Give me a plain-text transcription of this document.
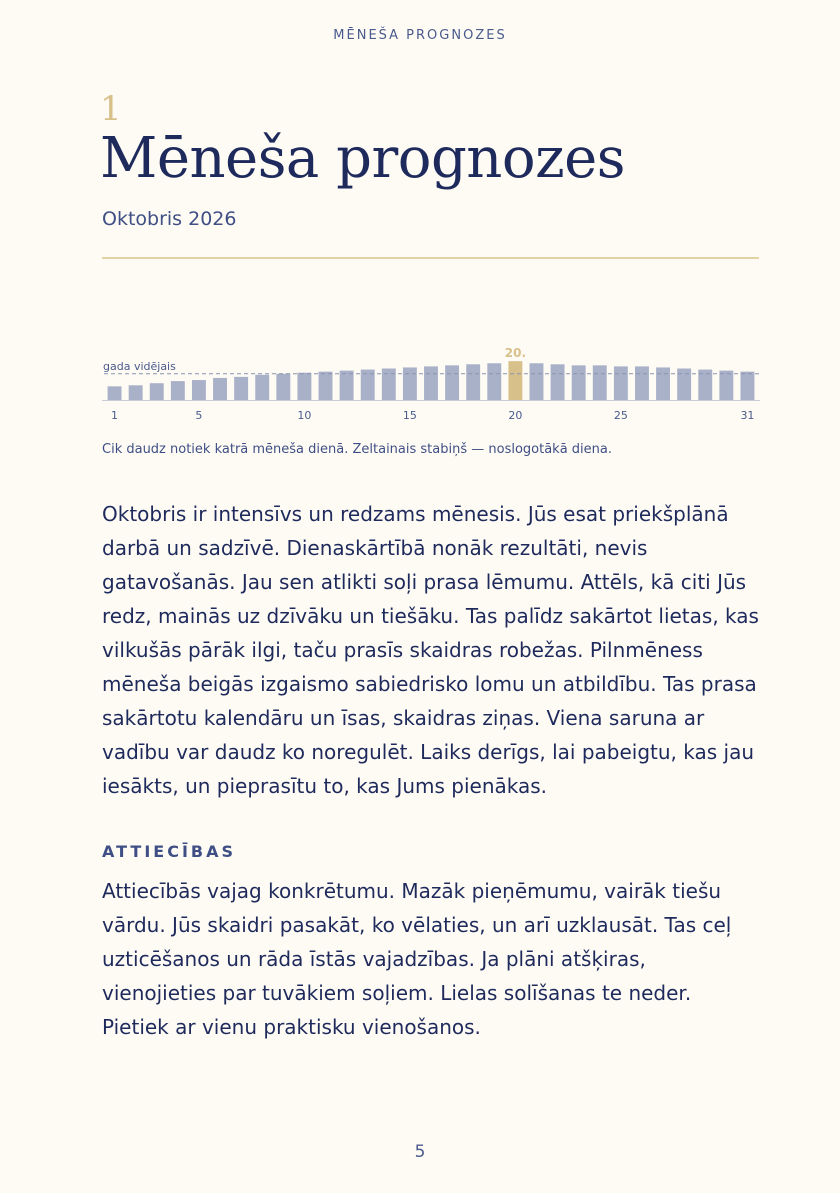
MĒNEŠA PROGNOZES
1
Mēneša prognozes
Oktobris 2026
gada vidējais
20.
1	5	10	15	20	25	31
Cik daudz notiek katrā mēneša dienā. Zeltainais stabiņš — noslogotākā diena.

Oktobris ir intensīvs un redzams mēnesis. Jūs esat priekšplānā darbā un sadzīvē. Dienaskārtībā nonāk rezultāti, nevis gatavošanās. Jau sen atlikti soļi prasa lēmumu. Attēls, kā citi Jūs redz, mainās uz dzīvāku un tiešāku. Tas palīdz sakārtot lietas, kas vilkušās pārāk ilgi, taču prasīs skaidras robežas. Pilnmēness mēneša beigās izgaismo sabiedrisko lomu un atbildību. Tas prasa sakārtotu kalendāru un īsas, skaidras ziņas. Viena saruna ar vadību var daudz ko noregulēt. Laiks derīgs, lai pabeigtu, kas jau iesākts, un pieprasītu to, kas Jums pienākas.

ATTIECĪBAS

Attiecībās vajag konkrētumu. Mazāk pieņēmumu, vairāk tiešu vārdu. Jūs skaidri pasakāt, ko vēlaties, un arī uzklausāt. Tas ceļ uzticēšanos un rāda īstās vajadzības. Ja plāni atšķiras, vienojieties par tuvākiem soļiem. Lielas solīšanas te neder. Pietiek ar vienu praktisku vienošanos.

5
